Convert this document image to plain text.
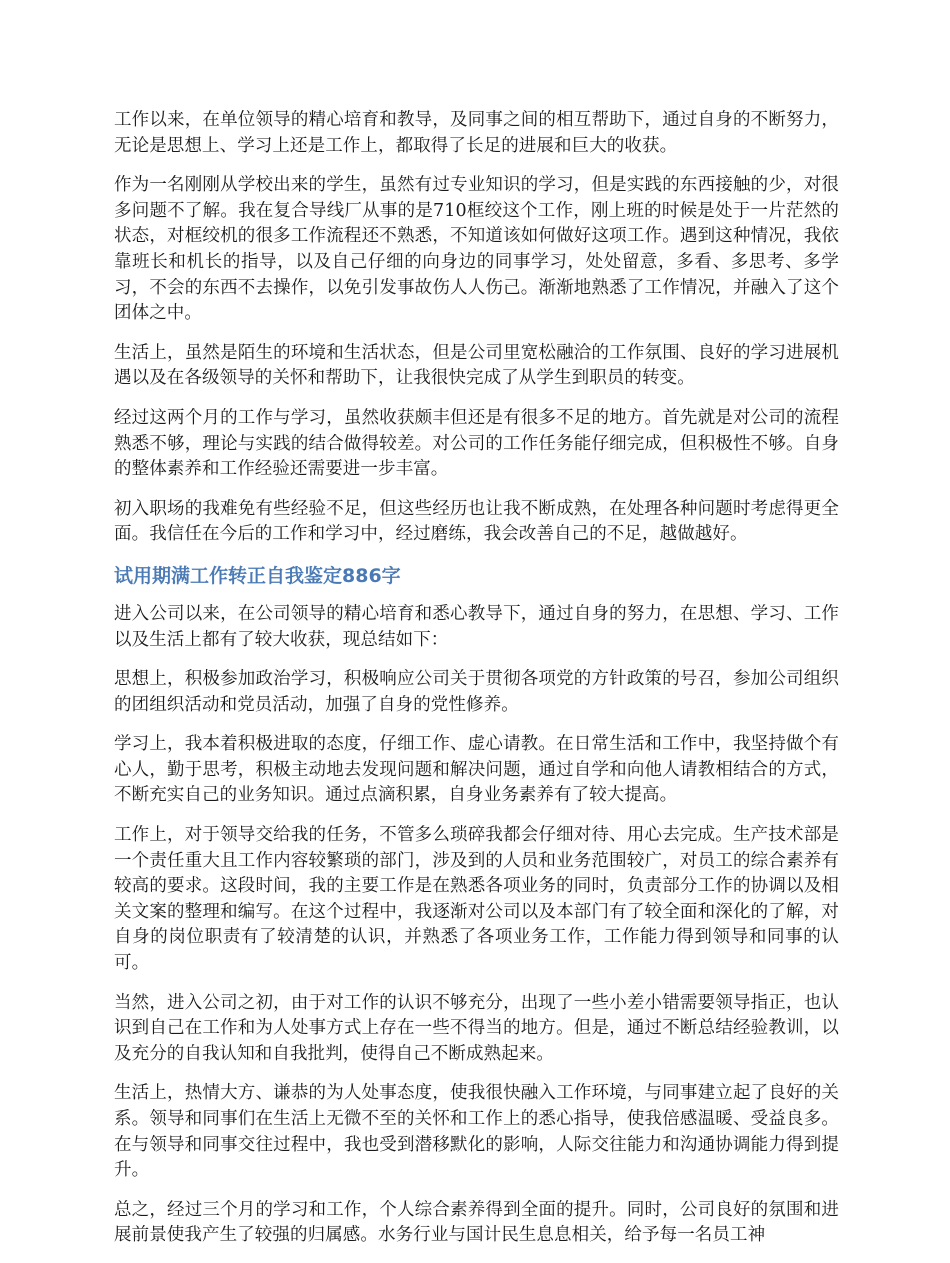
工作以来，在单位领导的精心培育和教导，及同事之间的相互帮助下，通过自身的不断努力，无论是思想上、学习上还是工作上，都取得了长足的进展和巨大的收获。

作为一名刚刚从学校出来的学生，虽然有过专业知识的学习，但是实践的东西接触的少，对很多问题不了解。我在复合导线厂从事的是710框绞这个工作，刚上班的时候是处于一片茫然的状态，对框绞机的很多工作流程还不熟悉，不知道该如何做好这项工作。遇到这种情况，我依靠班长和机长的指导，以及自己仔细的向身边的同事学习，处处留意，多看、多思考、多学习，不会的东西不去操作，以免引发事故伤人人伤己。渐渐地熟悉了工作情况，并融入了这个团体之中。

生活上，虽然是陌生的环境和生活状态，但是公司里宽松融洽的工作氛围、良好的学习进展机遇以及在各级领导的关怀和帮助下，让我很快完成了从学生到职员的转变。

经过这两个月的工作与学习，虽然收获颇丰但还是有很多不足的地方。首先就是对公司的流程熟悉不够，理论与实践的结合做得较差。对公司的工作任务能仔细完成，但积极性不够。自身的整体素养和工作经验还需要进一步丰富。

初入职场的我难免有些经验不足，但这些经历也让我不断成熟，在处理各种问题时考虑得更全面。我信任在今后的工作和学习中，经过磨练，我会改善自己的不足，越做越好。

试用期满工作转正自我鉴定886字

进入公司以来，在公司领导的精心培育和悉心教导下，通过自身的努力，在思想、学习、工作以及生活上都有了较大收获，现总结如下：

思想上，积极参加政治学习，积极响应公司关于贯彻各项党的方针政策的号召，参加公司组织的团组织活动和党员活动，加强了自身的党性修养。

学习上，我本着积极进取的态度，仔细工作、虚心请教。在日常生活和工作中，我坚持做个有心人，勤于思考，积极主动地去发现问题和解决问题，通过自学和向他人请教相结合的方式，不断充实自己的业务知识。通过点滴积累，自身业务素养有了较大提高。

工作上，对于领导交给我的任务，不管多么琐碎我都会仔细对待、用心去完成。生产技术部是一个责任重大且工作内容较繁琐的部门，涉及到的人员和业务范围较广，对员工的综合素养有较高的要求。这段时间，我的主要工作是在熟悉各项业务的同时，负责部分工作的协调以及相关文案的整理和编写。在这个过程中，我逐渐对公司以及本部门有了较全面和深化的了解，对自身的岗位职责有了较清楚的认识，并熟悉了各项业务工作，工作能力得到领导和同事的认可。

当然，进入公司之初，由于对工作的认识不够充分，出现了一些小差小错需要领导指正，也认识到自己在工作和为人处事方式上存在一些不得当的地方。但是，通过不断总结经验教训，以及充分的自我认知和自我批判，使得自己不断成熟起来。

生活上，热情大方、谦恭的为人处事态度，使我很快融入工作环境，与同事建立起了良好的关系。领导和同事们在生活上无微不至的关怀和工作上的悉心指导，使我倍感温暖、受益良多。在与领导和同事交往过程中，我也受到潜移默化的影响，人际交往能力和沟通协调能力得到提升。

总之，经过三个月的学习和工作，个人综合素养得到全面的提升。同时，公司良好的氛围和进展前景使我产生了较强的归属感。水务行业与国计民生息息相关，给予每一名员工神
